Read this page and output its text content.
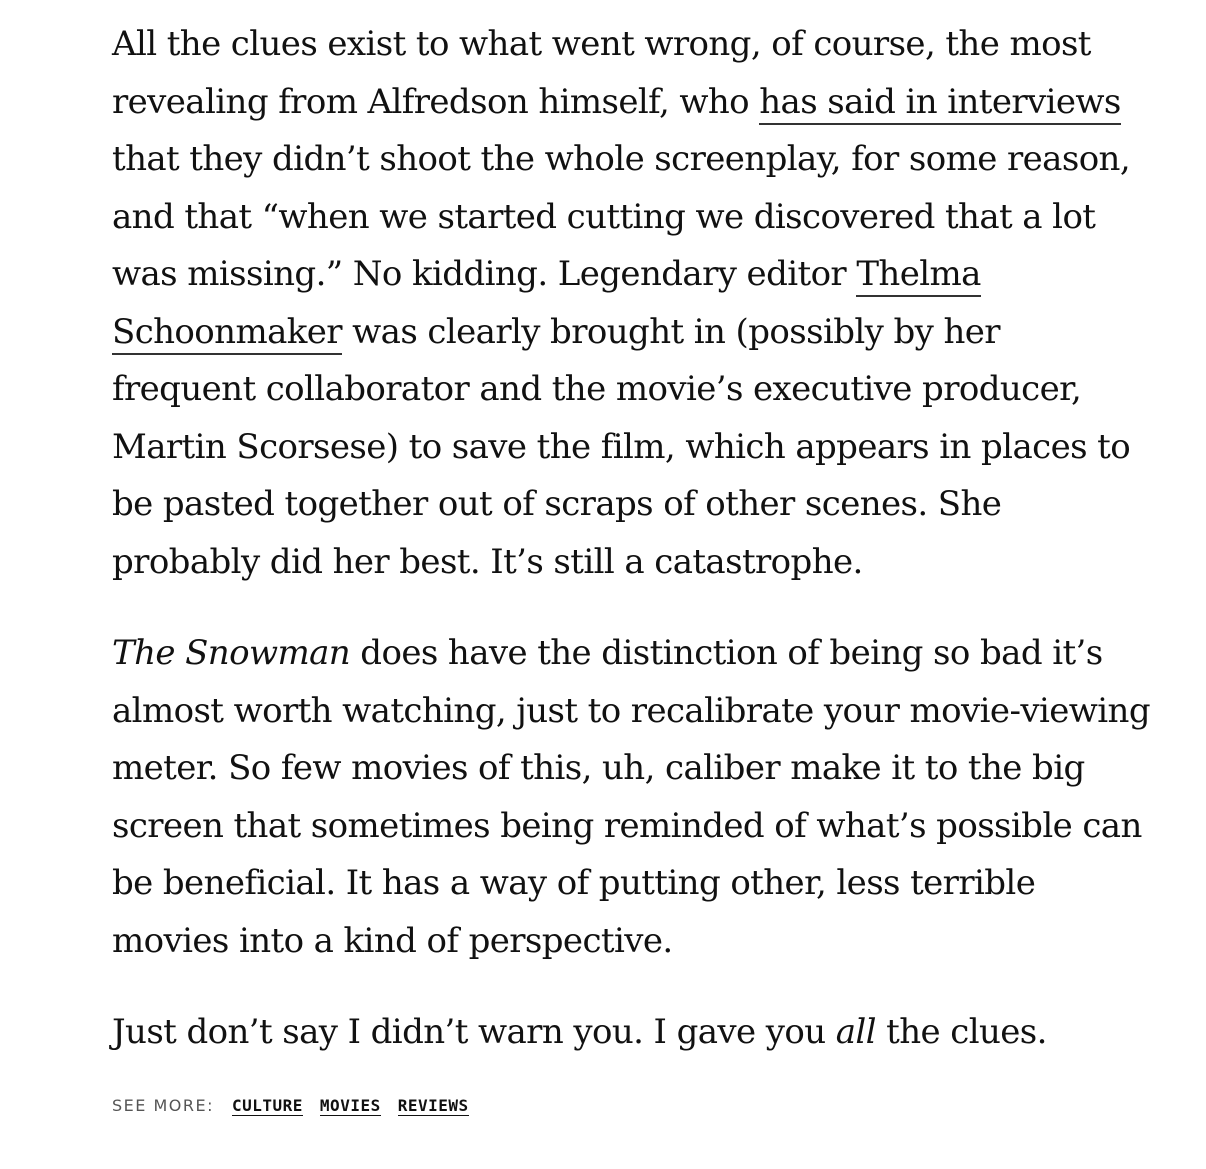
All the clues exist to what went wrong, of course, the most revealing from Alfredson himself, who has said in interviews that they didn’t shoot the whole screenplay, for some reason, and that “when we started cutting we discovered that a lot was missing.” No kidding. Legendary editor Thelma Schoonmaker was clearly brought in (possibly by her frequent collaborator and the movie’s executive producer, Martin Scorsese) to save the film, which appears in places to be pasted together out of scraps of other scenes. She probably did her best. It’s still a catastrophe.

The Snowman does have the distinction of being so bad it’s almost worth watching, just to recalibrate your movie-viewing meter. So few movies of this, uh, caliber make it to the big screen that sometimes being reminded of what’s possible can be beneficial. It has a way of putting other, less terrible movies into a kind of perspective.

Just don’t say I didn’t warn you. I gave you all the clues.

SEE MORE: CULTURE MOVIES REVIEWS
